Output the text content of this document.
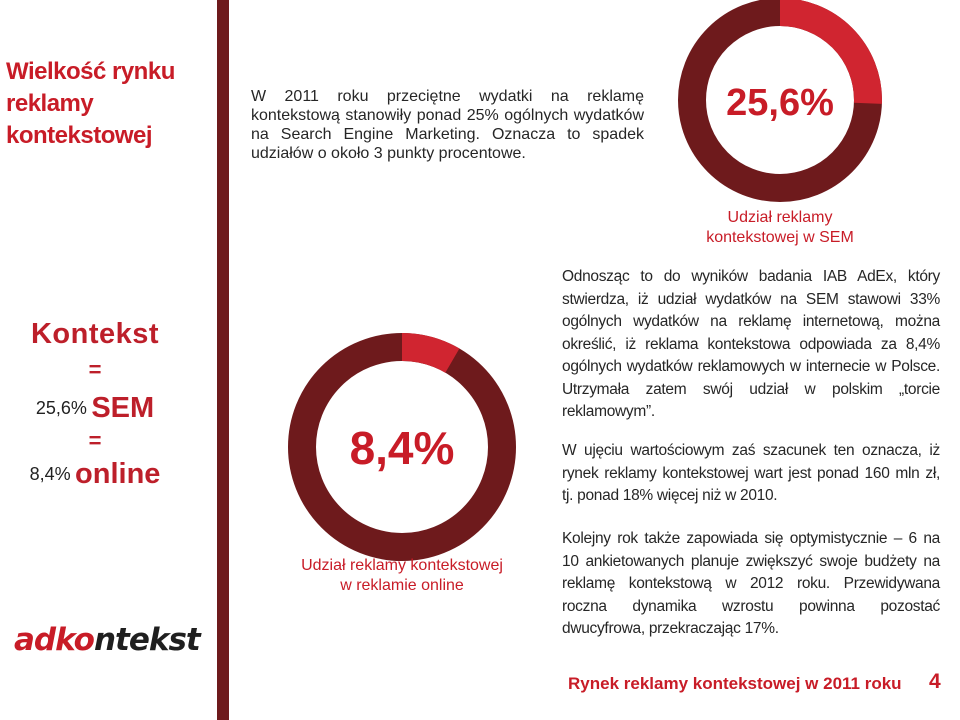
Wielkość rynku
reklamy
kontekstowej
Kontekst
=
25,6% SEM
=
8,4% online
adkontekst
W 2011 roku przeciętne wydatki na reklamę kontekstową stanowiły ponad 25% ogólnych wydatków na Search Engine Marketing. Oznacza to spadek udziałów o około 3 punkty procentowe.
25,6%
Udział reklamy
kontekstowej w SEM
8,4%
Udział reklamy kontekstowej
w reklamie online
Odnosząc to do wyników badania IAB AdEx, który stwierdza, iż udział wydatków na SEM stawowi 33% ogólnych wydatków na reklamę internetową, można określić, iż reklama kontekstowa odpowiada za 8,4% ogólnych wydatków reklamowych w internecie w Polsce. Utrzymała zatem swój udział w polskim „torcie reklamowym”.
W ujęciu wartościowym zaś szacunek ten oznacza, iż rynek reklamy kontekstowej wart jest ponad 160 mln zł, tj. ponad 18% więcej niż w 2010.
Kolejny rok także zapowiada się optymistycznie – 6 na 10 ankietowanych planuje zwiększyć swoje budżety na reklamę kontekstową w 2012 roku. Przewidywana roczna dynamika wzrostu powinna pozostać dwucyfrowa, przekraczając 17%.
Rynek reklamy kontekstowej w 2011 roku 4
